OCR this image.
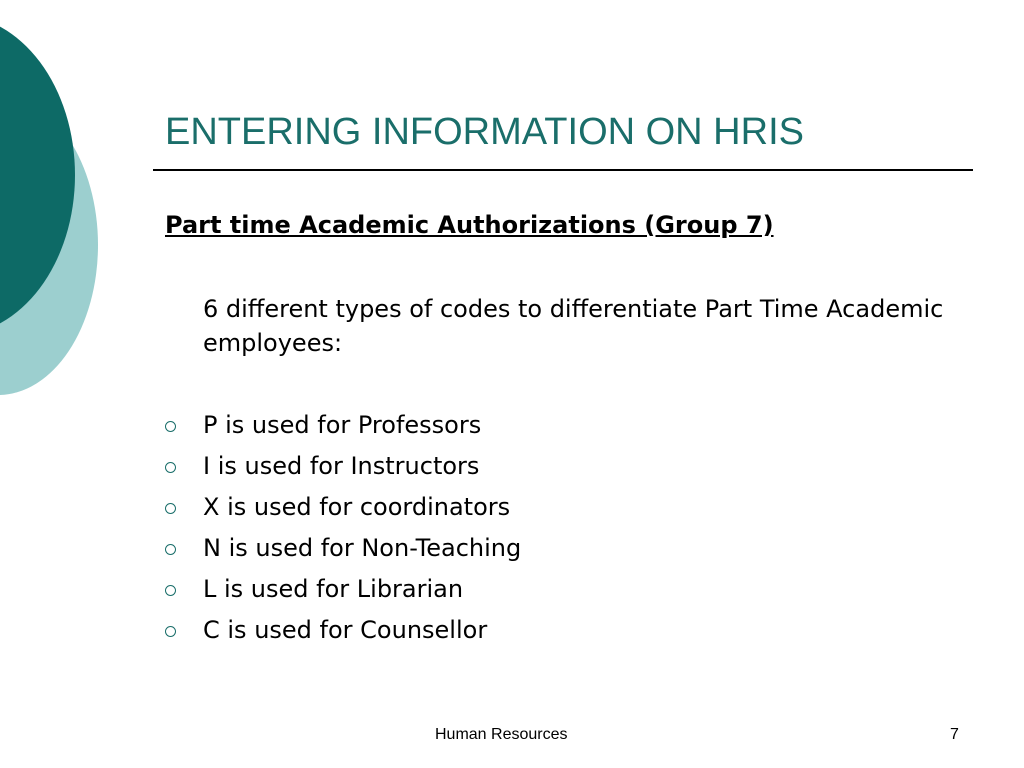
ENTERING INFORMATION ON HRIS
Part time Academic Authorizations (Group 7)
6 different types of codes to differentiate Part Time Academic employees:
P is used for Professors
I is used for Instructors
X is used for coordinators
N is used for Non-Teaching
L is used for Librarian
C is used for Counsellor
Human Resources	7
